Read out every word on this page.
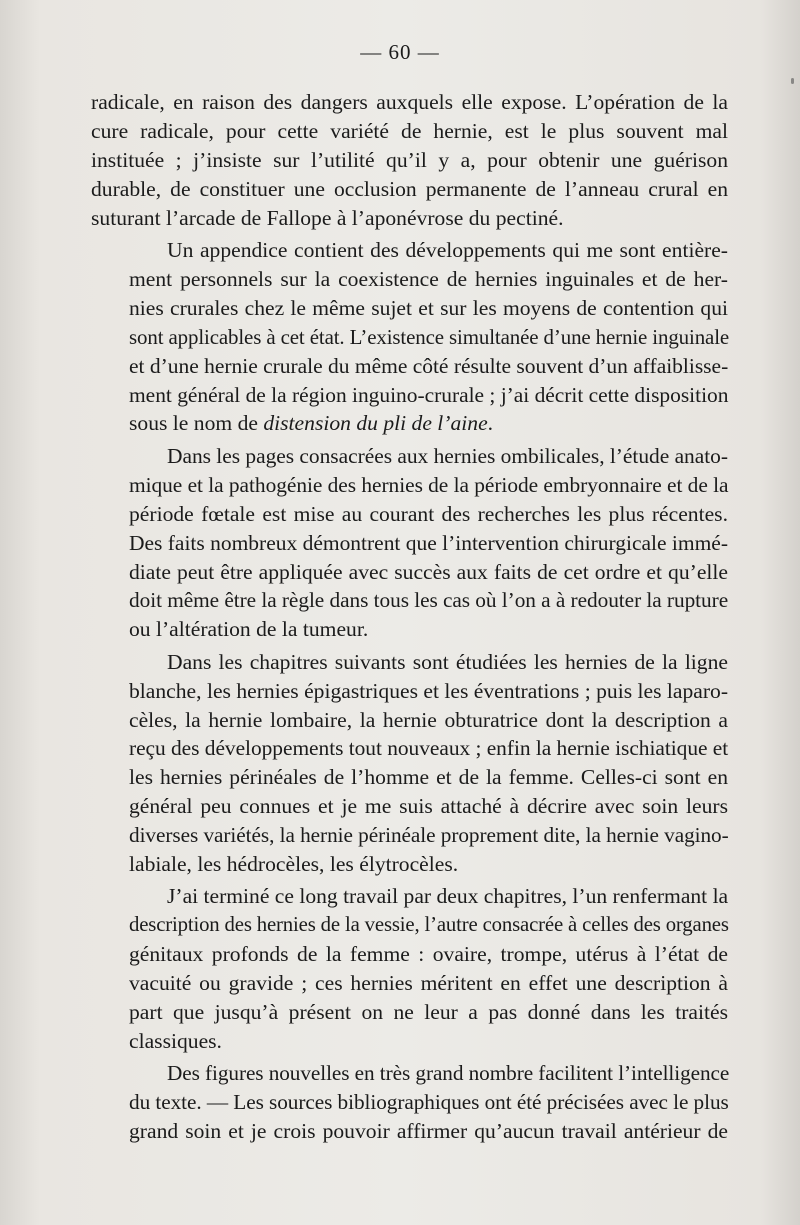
— 60 —

radicale, en raison des dangers auxquels elle expose. L’opération de la
cure radicale, pour cette variété de hernie, est le plus souvent mal
instituée ; j’insiste sur l’utilité qu’il y a, pour obtenir une guérison
durable, de constituer une occlusion permanente de l’anneau crural en
suturant l’arcade de Fallope à l’aponévrose du pectiné.

Un appendice contient des développements qui me sont entière-
ment personnels sur la coexistence de hernies inguinales et de her-
nies crurales chez le même sujet et sur les moyens de contention qui
sont applicables à cet état. L’existence simultanée d’une hernie inguinale
et d’une hernie crurale du même côté résulte souvent d’un affaiblisse-
ment général de la région inguino-crurale ; j’ai décrit cette disposition
sous le nom de distension du pli de l’aine.

Dans les pages consacrées aux hernies ombilicales, l’étude anato-
mique et la pathogénie des hernies de la période embryonnaire et de la
période fœtale est mise au courant des recherches les plus récentes.
Des faits nombreux démontrent que l’intervention chirurgicale immé-
diate peut être appliquée avec succès aux faits de cet ordre et qu’elle
doit même être la règle dans tous les cas où l’on a à redouter la rupture
ou l’altération de la tumeur.

Dans les chapitres suivants sont étudiées les hernies de la ligne
blanche, les hernies épigastriques et les éventrations ; puis les laparo-
cèles, la hernie lombaire, la hernie obturatrice dont la description a
reçu des développements tout nouveaux ; enfin la hernie ischiatique et
les hernies périnéales de l’homme et de la femme. Celles-ci sont en
général peu connues et je me suis attaché à décrire avec soin leurs
diverses variétés, la hernie périnéale proprement dite, la hernie vagino-
labiale, les hédrocèles, les élytrocèles.

J’ai terminé ce long travail par deux chapitres, l’un renfermant la
description des hernies de la vessie, l’autre consacrée à celles des organes
génitaux profonds de la femme : ovaire, trompe, utérus à l’état de
vacuité ou gravide ; ces hernies méritent en effet une description à
part que jusqu’à présent on ne leur a pas donné dans les traités
classiques.

Des figures nouvelles en très grand nombre facilitent l’intelligence
du texte. — Les sources bibliographiques ont été précisées avec le plus
grand soin et je crois pouvoir affirmer qu’aucun travail antérieur de
